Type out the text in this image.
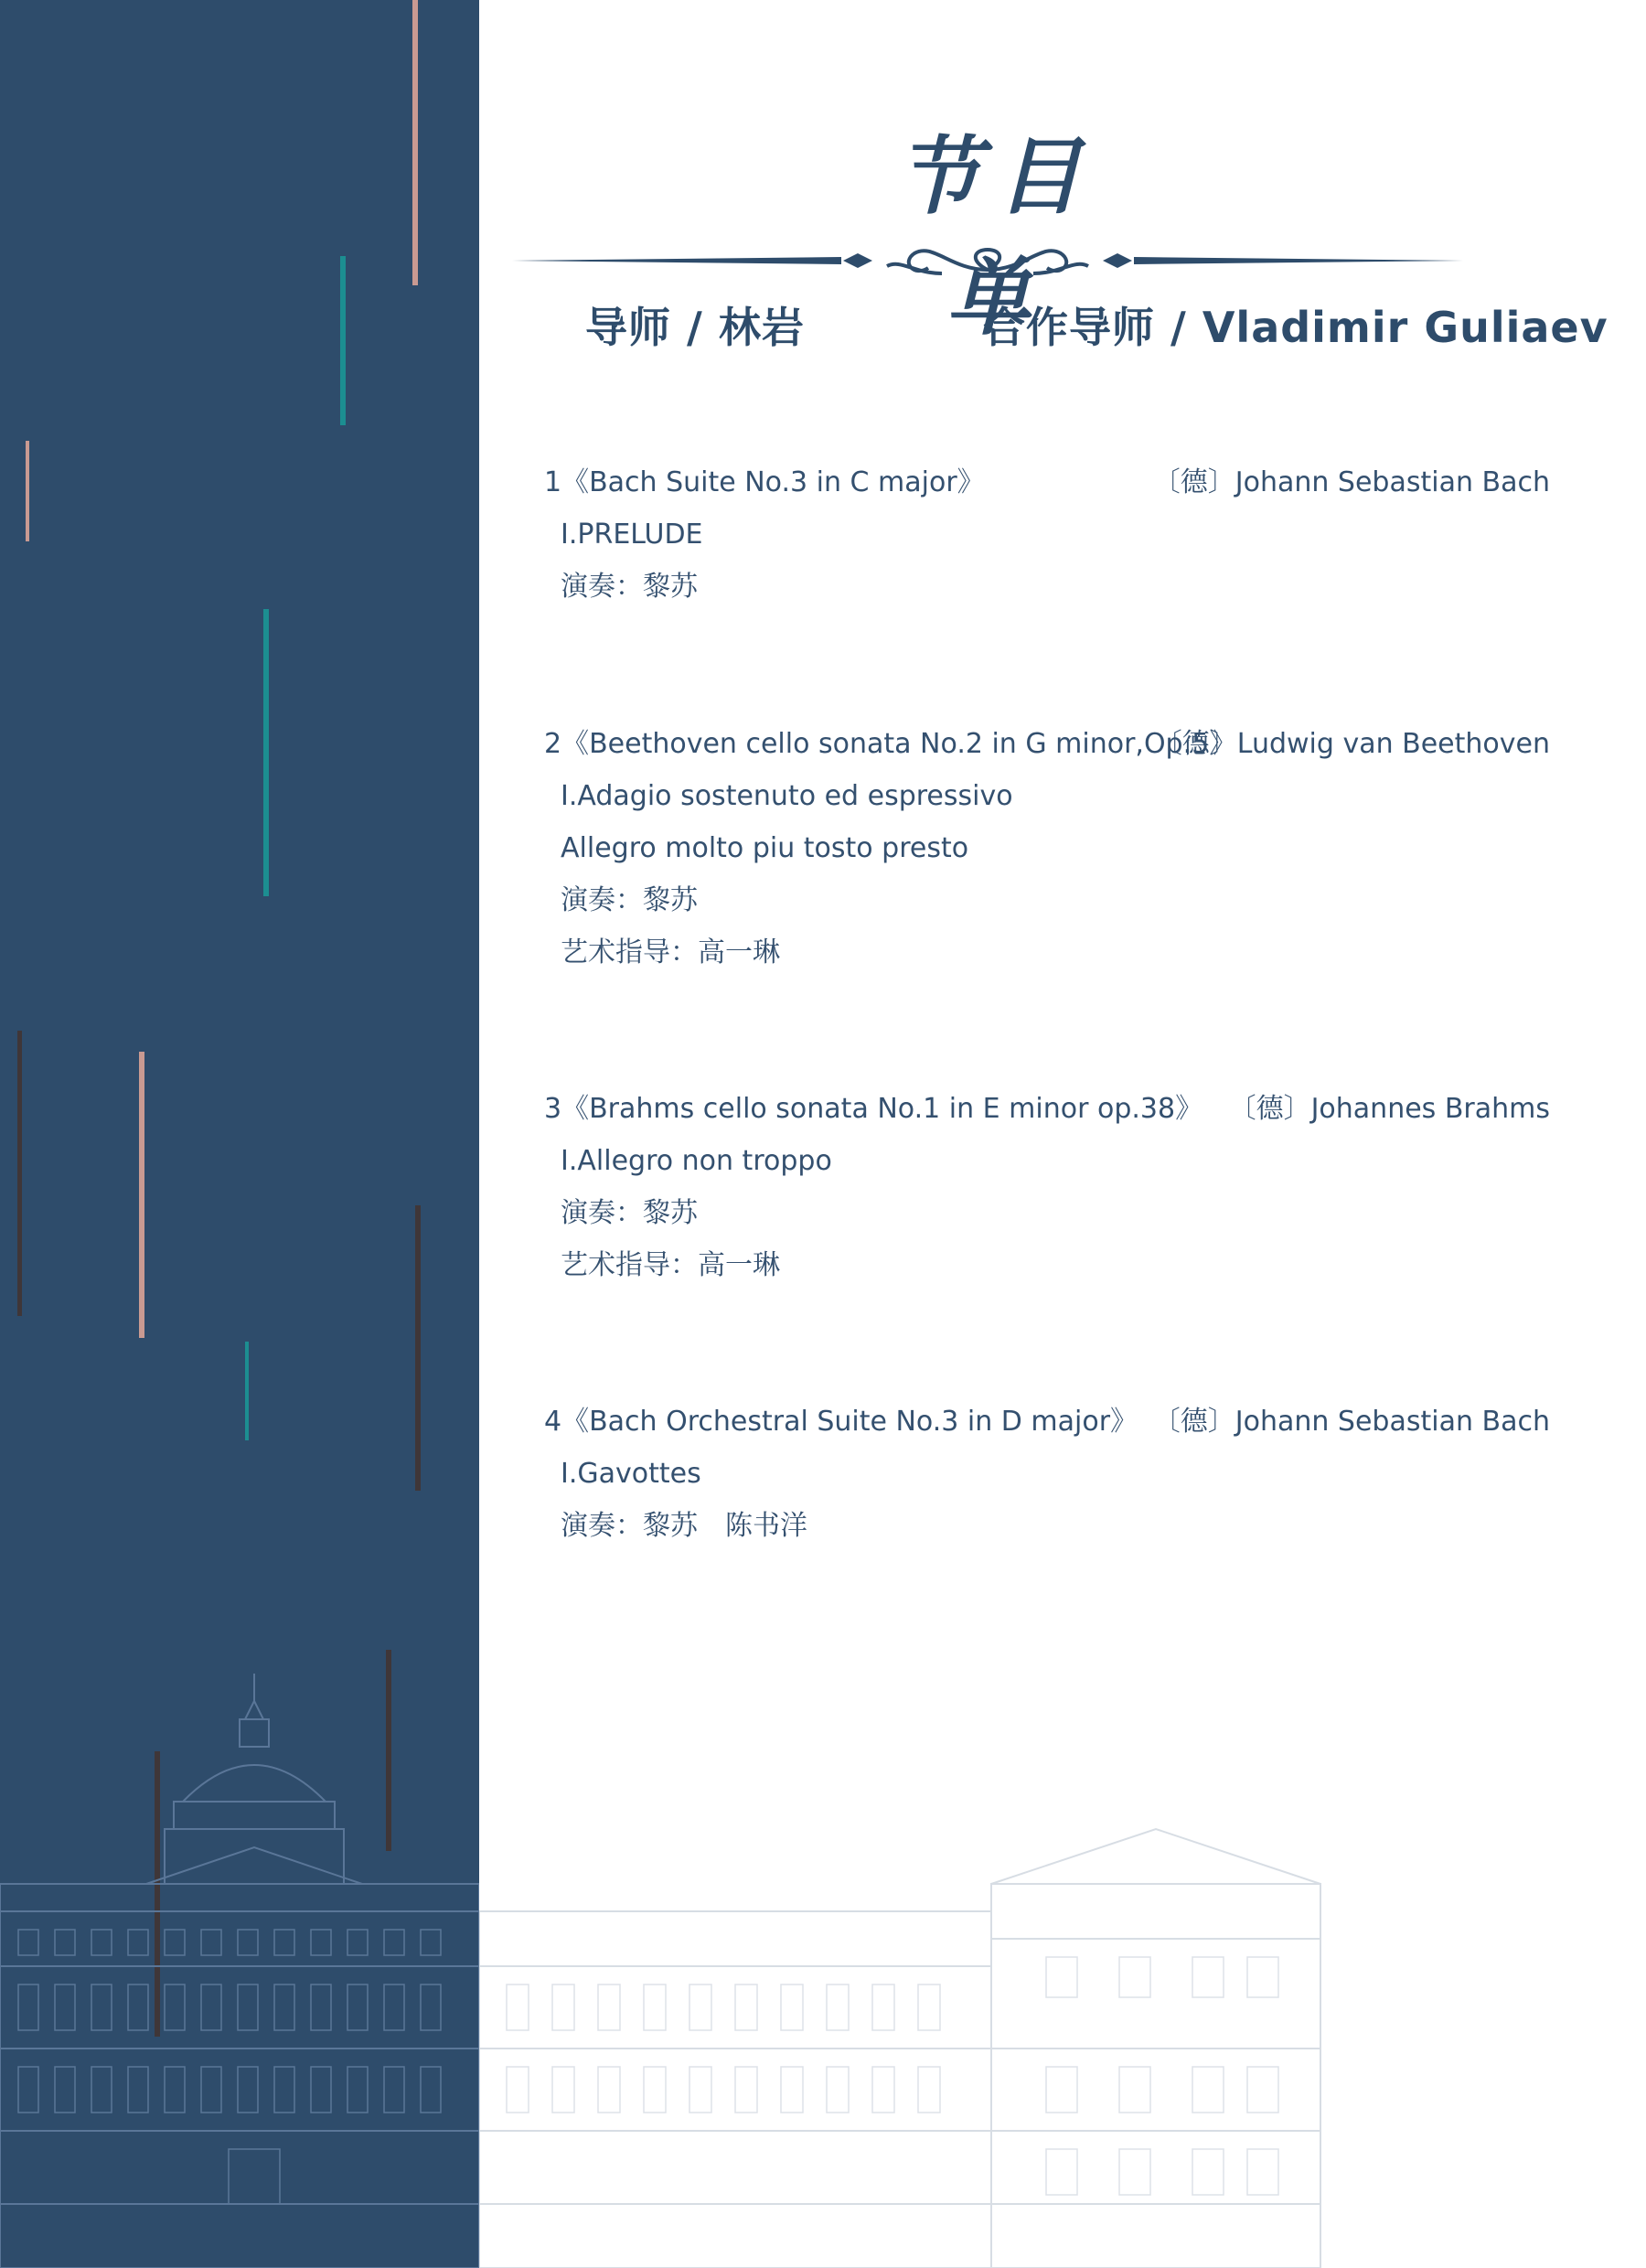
节目单
导师 / 林岩	合作导师 / Vladimir Guliaev
1《Bach Suite No.3 in C major》	〔德〕Johann Sebastian Bach
Ⅰ.PRELUDE
演奏：黎苏
2《Beethoven cello sonata No.2 in G minor,Op.5》
〔德〕Ludwig van Beethoven
Ⅰ.Adagio sostenuto ed espressivo
Allegro molto piu tosto presto
演奏：黎苏
艺术指导：高一琳
3《Brahms cello sonata No.1 in E minor op.38》 〔德〕Johannes Brahms
Ⅰ.Allegro non troppo
演奏：黎苏
艺术指导：高一琳
4《Bach Orchestral Suite No.3 in D major》 〔德〕Johann Sebastian Bach
Ⅰ.Gavottes
演奏：黎苏　陈书洋
